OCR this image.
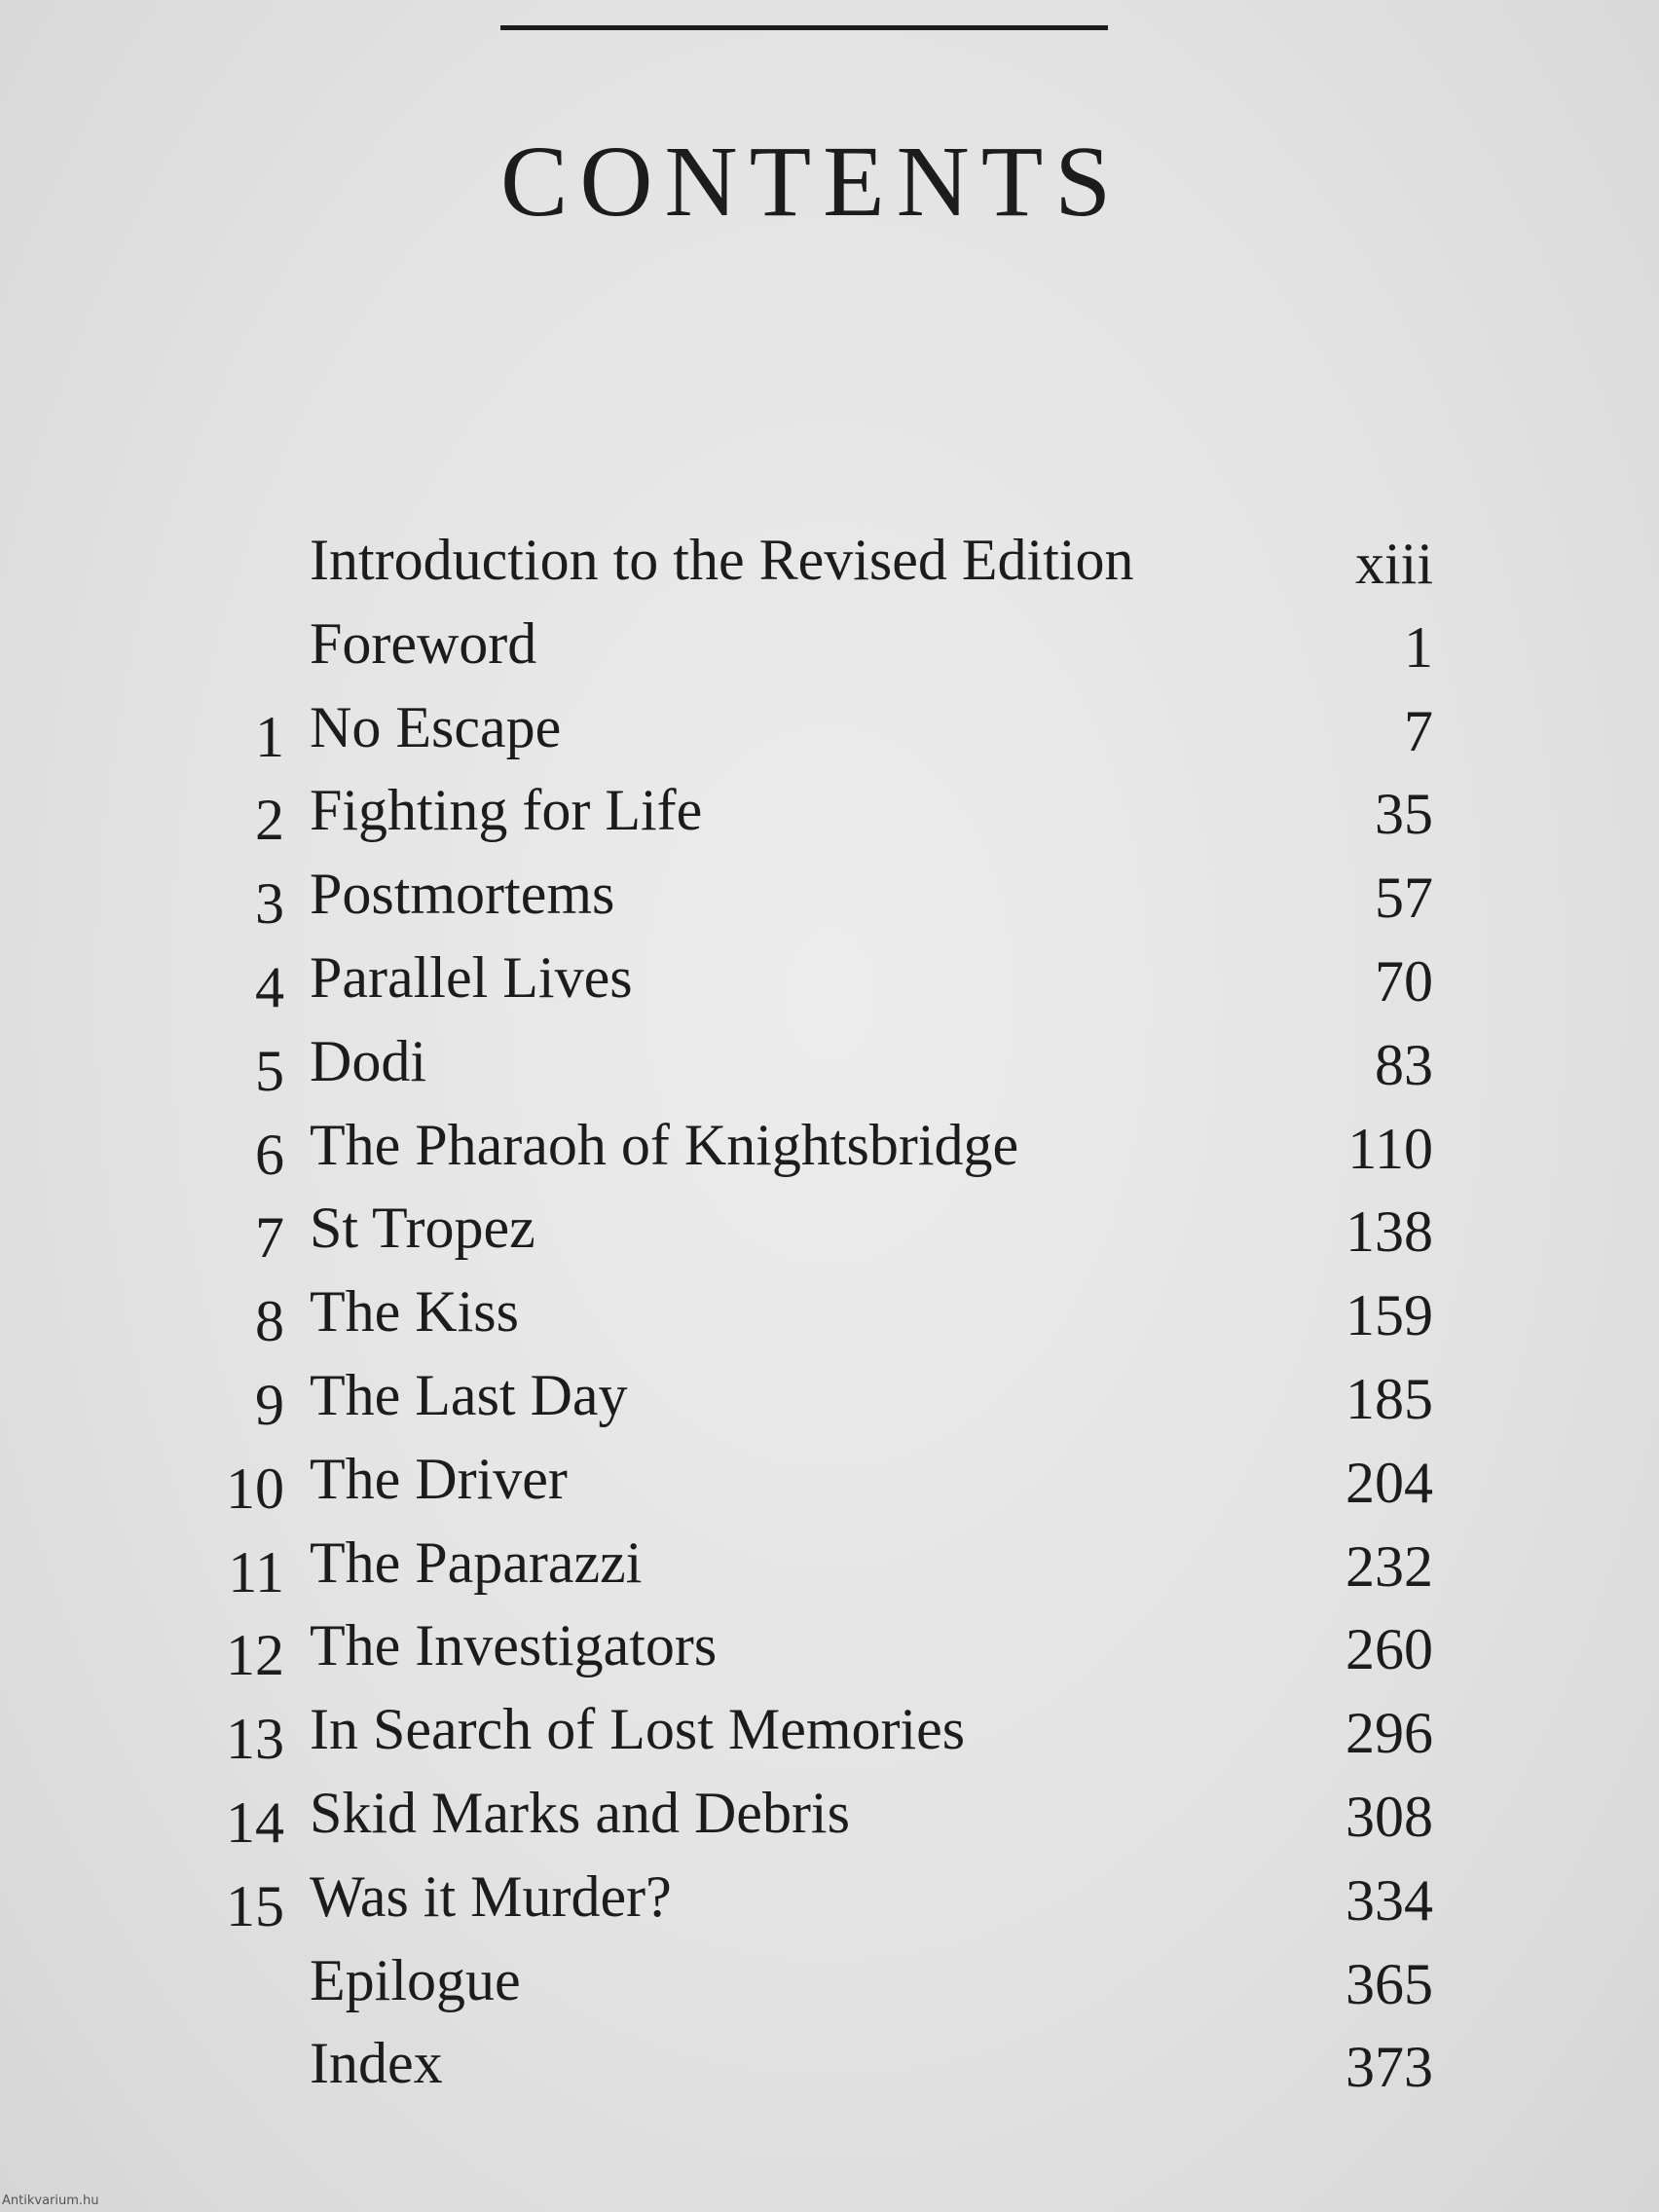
CONTENTS
Introduction to the Revised Edition	xiii
Foreword	1
1 No Escape	7
2 Fighting for Life	35
3 Postmortems	57
4 Parallel Lives	70
5 Dodi	83
6 The Pharaoh of Knightsbridge	110
7 St Tropez	138
8 The Kiss	159
9 The Last Day	185
10 The Driver	204
11 The Paparazzi	232
12 The Investigators	260
13 In Search of Lost Memories	296
14 Skid Marks and Debris	308
15 Was it Murder?	334
Epilogue	365
Index	373
Antikvarium.hu
